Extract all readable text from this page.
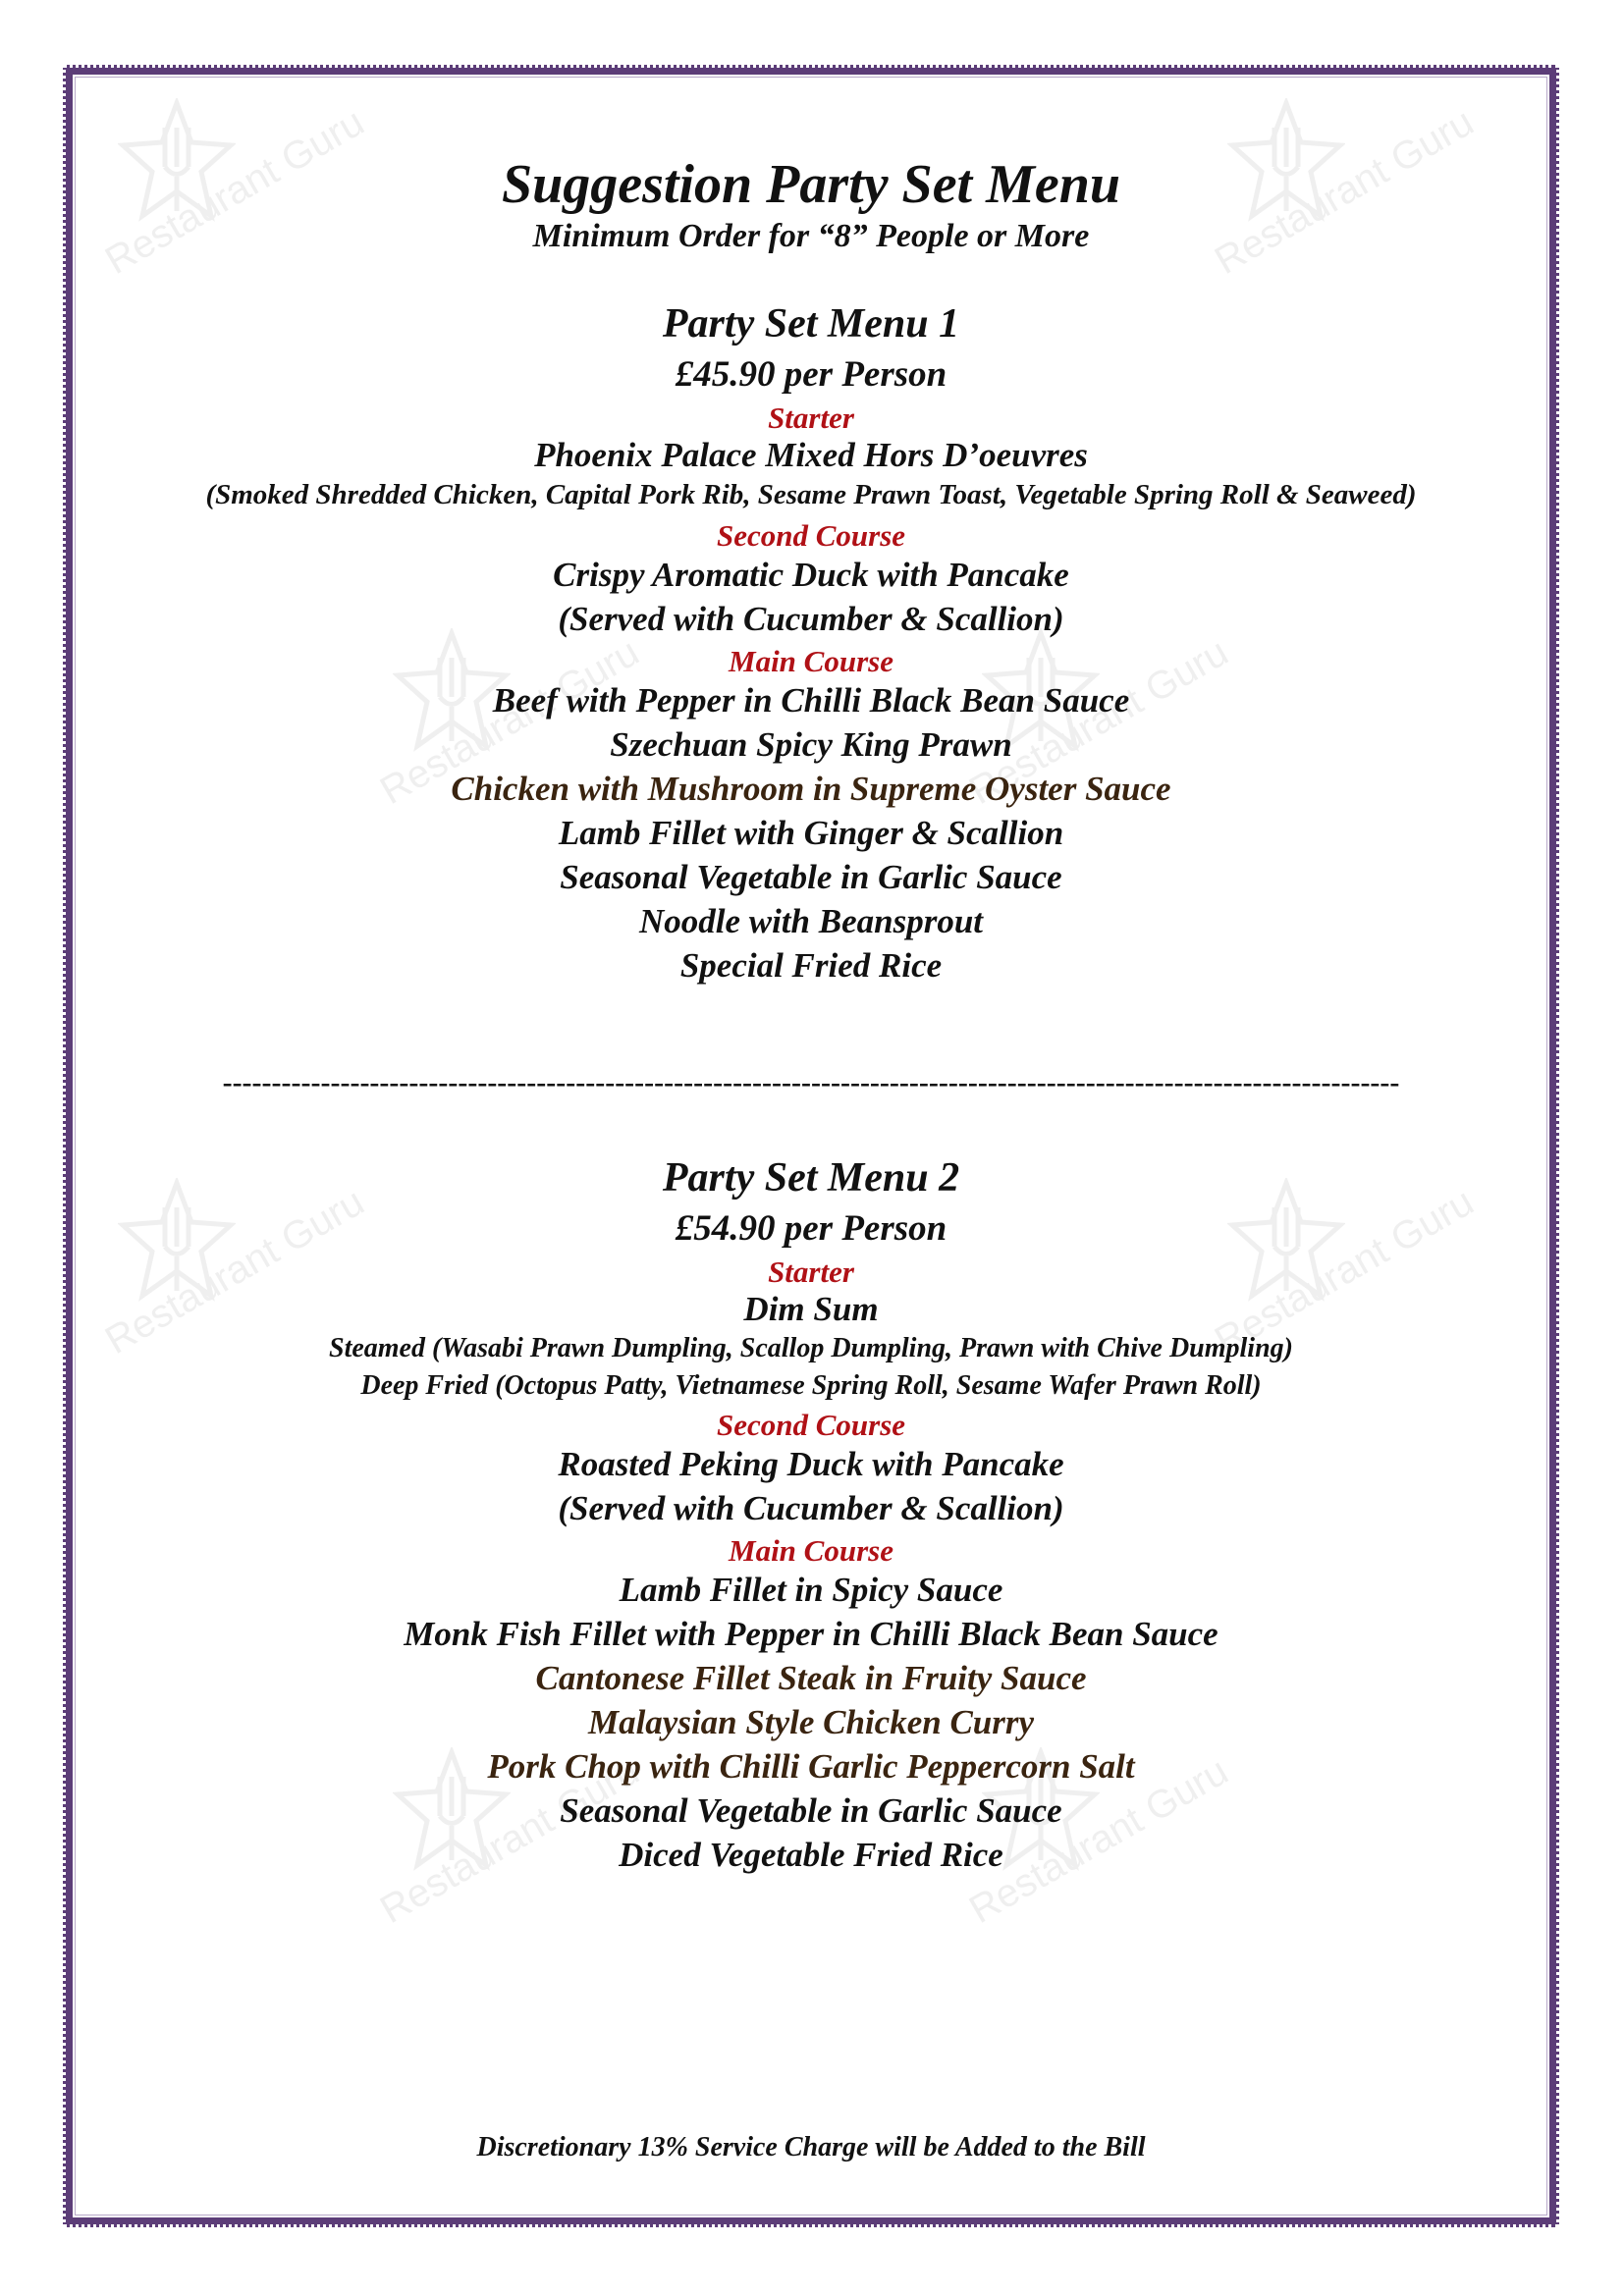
Restaurant Guru	Restaurant Guru
Restaurant Guru	Restaurant Guru
Restaurant Guru	Restaurant Guru
Restaurant Guru	Restaurant Guru
Suggestion Party Set Menu
Minimum Order for “8” People or More
Party Set Menu 1
£45.90 per Person
Starter
Phoenix Palace Mixed Hors D’oeuvres
(Smoked Shredded Chicken, Capital Pork Rib, Sesame Prawn Toast, Vegetable Spring Roll & Seaweed)
Second Course
Crispy Aromatic Duck with Pancake
(Served with Cucumber & Scallion)
Main Course
Beef with Pepper in Chilli Black Bean Sauce
Szechuan Spicy King Prawn
Chicken with Mushroom in Supreme Oyster Sauce
Lamb Fillet with Ginger & Scallion
Seasonal Vegetable in Garlic Sauce
Noodle with Beansprout
Special Fried Rice
------------------------------------------------------------------------------------------------------------------------
Party Set Menu 2
£54.90 per Person
Starter
Dim Sum
Steamed (Wasabi Prawn Dumpling, Scallop Dumpling, Prawn with Chive Dumpling)
Deep Fried (Octopus Patty, Vietnamese Spring Roll, Sesame Wafer Prawn Roll)
Second Course
Roasted Peking Duck with Pancake
(Served with Cucumber & Scallion)
Main Course
Lamb Fillet in Spicy Sauce
Monk Fish Fillet with Pepper in Chilli Black Bean Sauce
Cantonese Fillet Steak in Fruity Sauce
Malaysian Style Chicken Curry
Pork Chop with Chilli Garlic Peppercorn Salt
Seasonal Vegetable in Garlic Sauce
Diced Vegetable Fried Rice
Discretionary 13% Service Charge will be Added to the Bill
